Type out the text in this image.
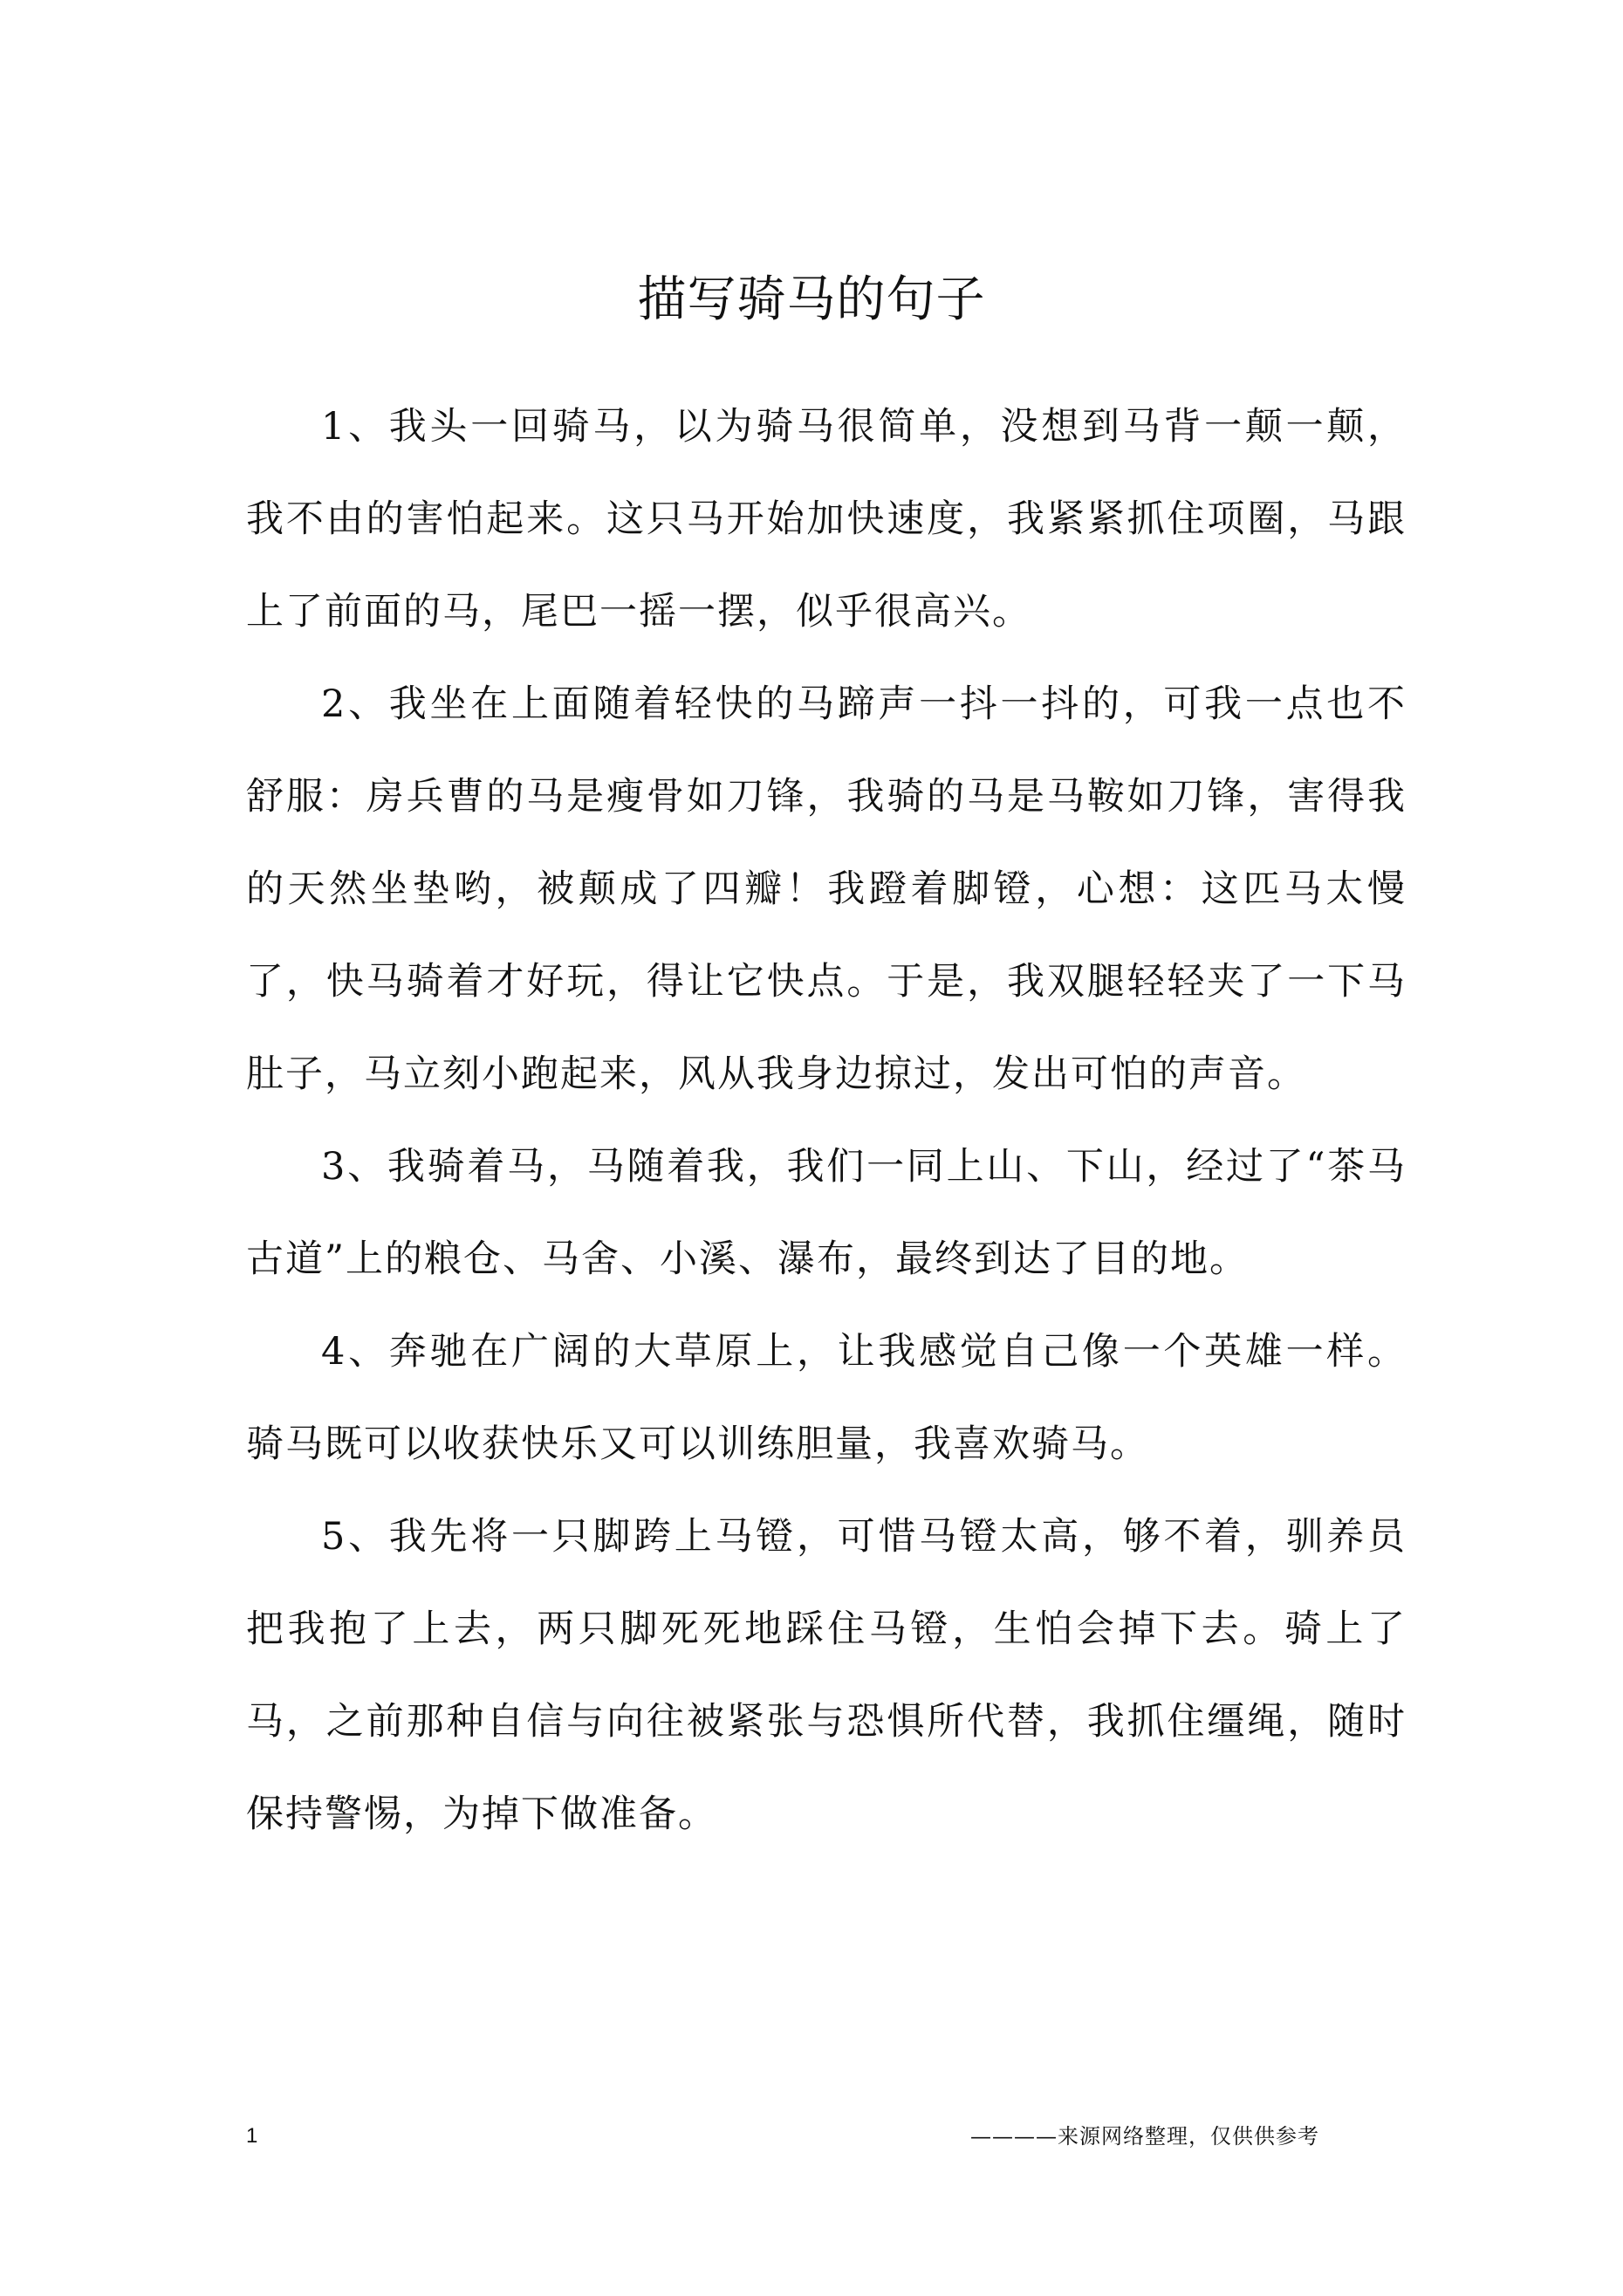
描写骑马的句子

1、我头一回骑马，以为骑马很简单，没想到马背一颠一颠，我不由的害怕起来。这只马开始加快速度，我紧紧抓住项圈，马跟上了前面的马，尾巴一摇一摆，似乎很高兴。

2、我坐在上面随着轻快的马蹄声一抖一抖的，可我一点也不舒服：房兵曹的马是瘦骨如刀锋，我骑的马是马鞍如刀锋，害得我的天然坐垫哟，被颠成了四瓣！我蹬着脚镫，心想：这匹马太慢了，快马骑着才好玩，得让它快点。于是，我双腿轻轻夹了一下马肚子，马立刻小跑起来，风从我身边掠过，发出可怕的声音。

3、我骑着马，马随着我，我们一同上山、下山，经过了“茶马古道”上的粮仓、马舍、小溪、瀑布，最终到达了目的地。

4、奔驰在广阔的大草原上，让我感觉自己像一个英雄一样。骑马既可以收获快乐又可以训练胆量，我喜欢骑马。

5、我先将一只脚跨上马镫，可惜马镫太高，够不着，驯养员把我抱了上去，两只脚死死地踩住马镫，生怕会掉下去。骑上了马，之前那种自信与向往被紧张与恐惧所代替，我抓住缰绳，随时保持警惕，为掉下做准备。

1	————来源网络整理，仅供供参考
